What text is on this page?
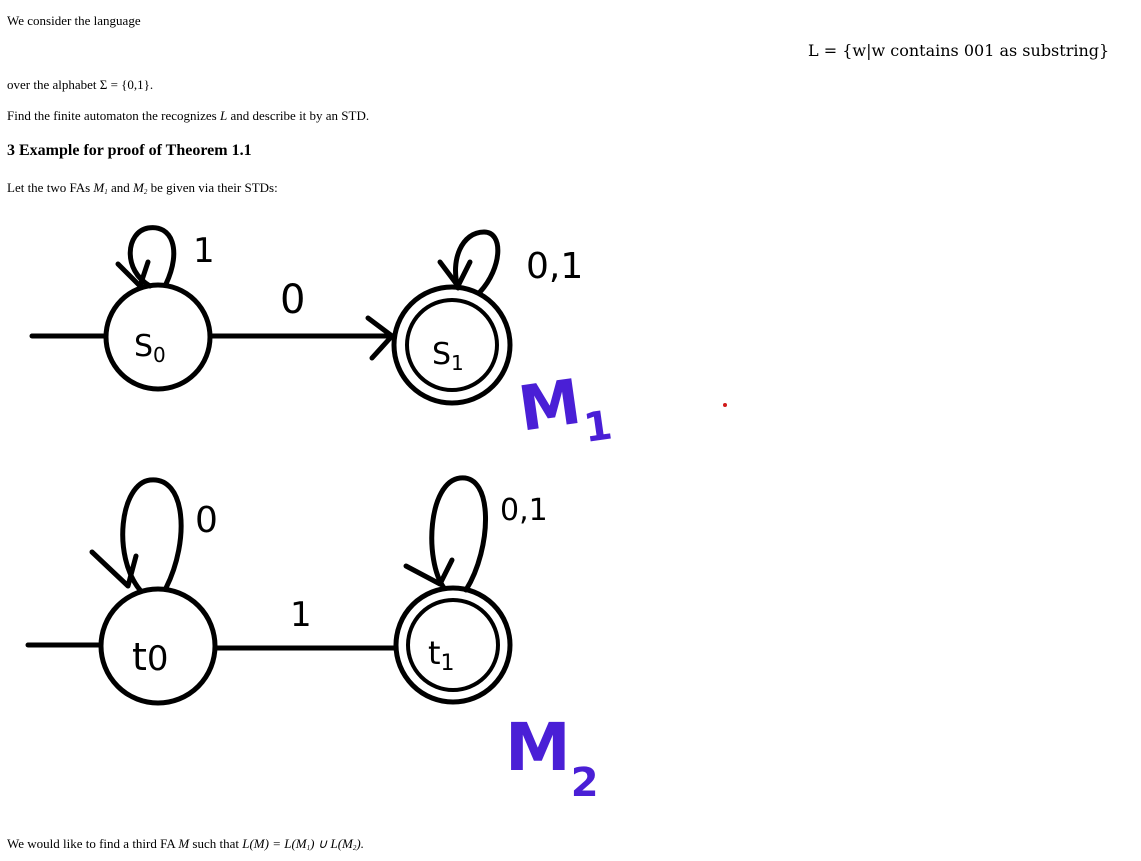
We consider the language
L = {w|w contains 001 as substring}
over the alphabet Σ = {0,1}.
Find the finite automaton the recognizes L and describe it by an STD.
3 Example for proof of Theorem 1.1
Let the two FAs $M_1$ and $M_2$ be given via their STDs:
1
$S_0$
0
$S_1$
0,1
$M_1$
0
t0
1
t1
0,1
$M_2$
We would like to find a third FA M such that $L(M) = L(M_1)$ ∪ $L(M_2)$.
